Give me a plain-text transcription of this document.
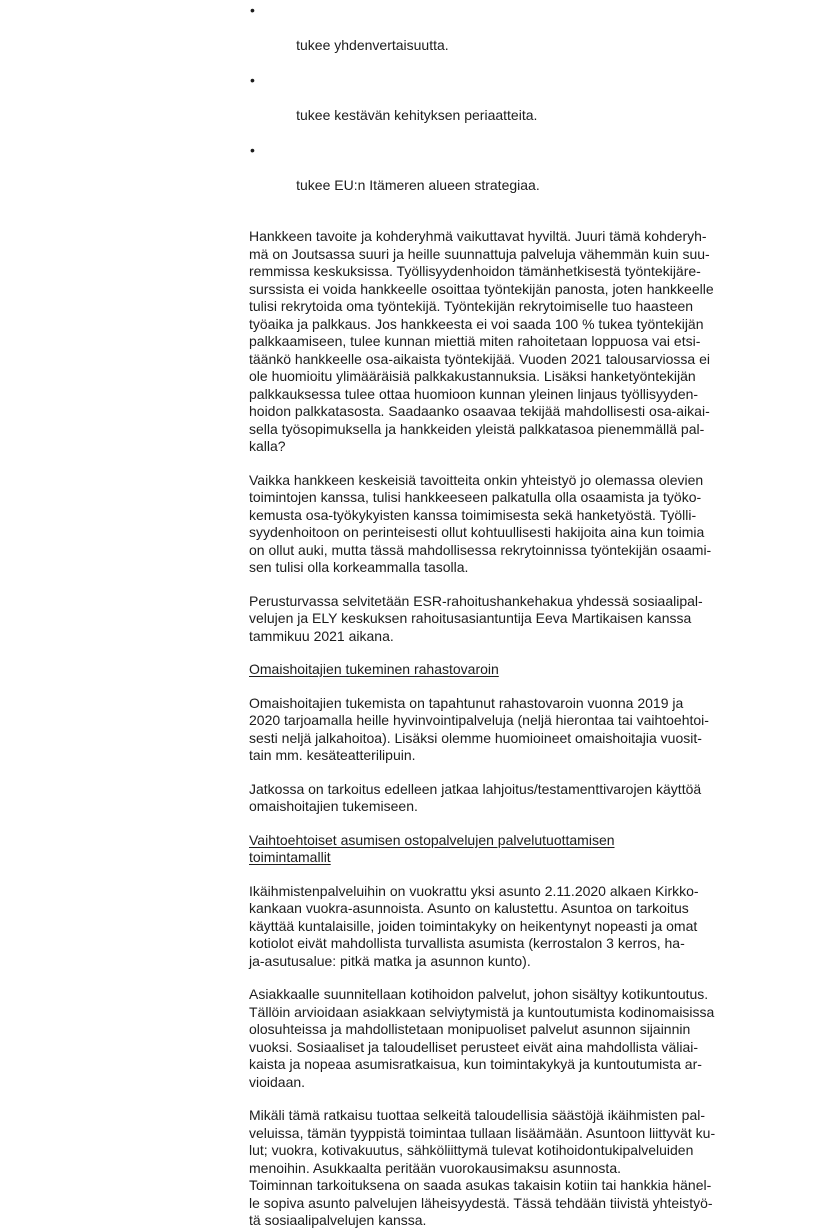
•

tukee yhdenvertaisuutta.

•

tukee kestävän kehityksen periaatteita.

•

tukee EU:n Itämeren alueen strategiaa.

Hankkeen tavoite ja kohderyhmä vaikuttavat hyviltä. Juuri tämä kohderyh-
mä on Joutsassa suuri ja heille suunnattuja palveluja vähemmän kuin suu-
remmissa keskuksissa. Työllisyydenhoidon tämänhetkisestä työntekijäre-
surssista ei voida hankkeelle osoittaa työntekijän panosta, joten hankkeelle
tulisi rekrytoida oma työntekijä. Työntekijän rekrytoimiselle tuo haasteen
työaika ja palkkaus. Jos hankkeesta ei voi saada 100 % tukea työntekijän
palkkaamiseen, tulee kunnan miettiä miten rahoitetaan loppuosa vai etsi-
täänkö hankkeelle osa-aikaista työntekijää. Vuoden 2021 talousarviossa ei
ole huomioitu ylimääräisiä palkkakustannuksia. Lisäksi hanketyöntekijän
palkkauksessa tulee ottaa huomioon kunnan yleinen linjaus työllisyyden-
hoidon palkkatasosta. Saadaanko osaavaa tekijää mahdollisesti osa-aikai-
sella työsopimuksella ja hankkeiden yleistä palkkatasoa pienemmällä pal-
kalla?
Vaikka hankkeen keskeisiä tavoitteita onkin yhteistyö jo olemassa olevien
toimintojen kanssa, tulisi hankkeeseen palkatulla olla osaamista ja työko-
kemusta osa-työkykyisten kanssa toimimisesta sekä hanketyöstä. Työlli-
syydenhoitoon on perinteisesti ollut kohtuullisesti hakijoita aina kun toimia
on ollut auki, mutta tässä mahdollisessa rekrytoinnissa työntekijän osaami-
sen tulisi olla korkeammalla tasolla.
Perusturvassa selvitetään ESR-rahoitushankehakua yhdessä sosiaalipal-
velujen ja ELY keskuksen rahoitusasiantuntija Eeva Martikaisen kanssa
tammikuu 2021 aikana.
Omaishoitajien tukeminen rahastovaroin
Omaishoitajien tukemista on tapahtunut rahastovaroin vuonna 2019 ja
2020 tarjoamalla heille hyvinvointipalveluja (neljä hierontaa tai vaihtoehtoi-
sesti neljä jalkahoitoa). Lisäksi olemme huomioineet omaishoitajia vuosit-
tain mm. kesäteatterilipuin.
Jatkossa on tarkoitus edelleen jatkaa lahjoitus/testamenttivarojen käyttöä
omaishoitajien tukemiseen.
Vaihtoehtoiset asumisen ostopalvelujen palvelutuottamisen
toimintamallit
Ikäihmistenpalveluihin on vuokrattu yksi asunto 2.11.2020 alkaen Kirkko-
kankaan vuokra-asunnoista. Asunto on kalustettu. Asuntoa on tarkoitus
käyttää kuntalaisille, joiden toimintakyky on heikentynyt nopeasti ja omat
kotiolot eivät mahdollista turvallista asumista (kerrostalon 3 kerros, ha-
ja-asutusalue: pitkä matka ja asunnon kunto).
Asiakkaalle suunnitellaan kotihoidon palvelut, johon sisältyy kotikuntoutus.
Tällöin arvioidaan asiakkaan selviytymistä ja kuntoutumista kodinomaisissa
olosuhteissa ja mahdollistetaan monipuoliset palvelut asunnon sijainnin
vuoksi. Sosiaaliset ja taloudelliset perusteet eivät aina mahdollista väliai-
kaista ja nopeaa asumisratkaisua, kun toimintakykyä ja kuntoutumista ar-
vioidaan.
Mikäli tämä ratkaisu tuottaa selkeitä taloudellisia säästöjä ikäihmisten pal-
veluissa, tämän tyyppistä toimintaa tullaan lisäämään. Asuntoon liittyvät ku-
lut; vuokra, kotivakuutus, sähköliittymä tulevat kotihoidontukipalveluiden
menoihin. Asukkaalta peritään vuorokausimaksu asunnosta.
Toiminnan tarkoituksena on saada asukas takaisin kotiin tai hankkia hänel-
le sopiva asunto palvelujen läheisyydestä. Tässä tehdään tiivistä yhteistyö-
tä sosiaalipalvelujen kanssa.
